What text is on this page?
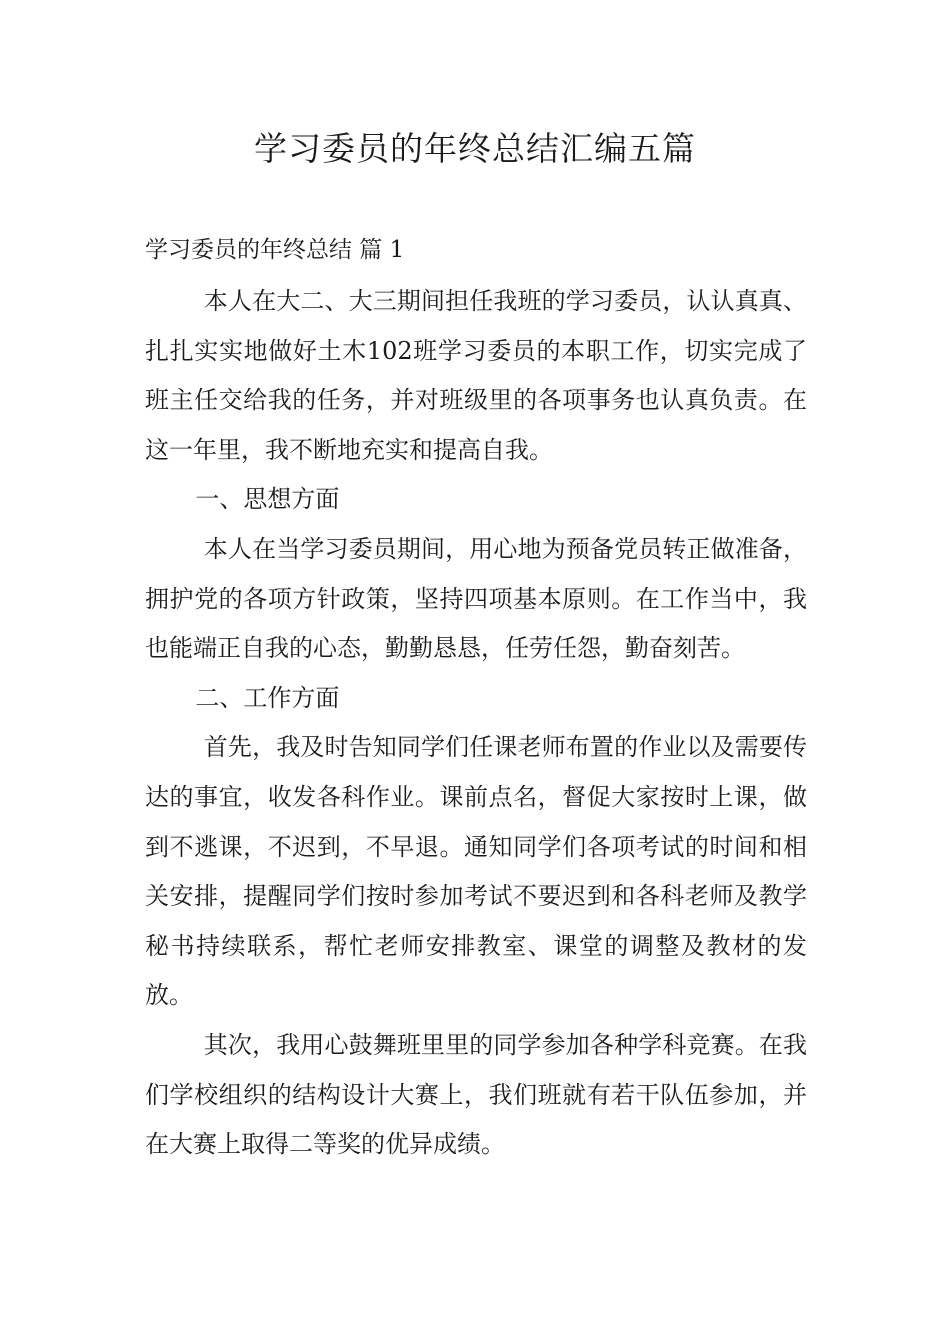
学习委员的年终总结汇编五篇

学习委员的年终总结 篇 1

本人在大二、大三期间担任我班的学习委员，认认真真、扎扎实实地做好土木102班学习委员的本职工作，切实完成了班主任交给我的任务，并对班级里的各项事务也认真负责。在这一年里，我不断地充实和提高自我。

一、思想方面

本人在当学习委员期间，用心地为预备党员转正做准备，拥护党的各项方针政策，坚持四项基本原则。在工作当中，我也能端正自我的心态，勤勤恳恳，任劳任怨，勤奋刻苦。

二、工作方面

首先，我及时告知同学们任课老师布置的作业以及需要传达的事宜，收发各科作业。课前点名，督促大家按时上课，做到不逃课，不迟到，不早退。通知同学们各项考试的时间和相关安排，提醒同学们按时参加考试不要迟到和各科老师及教学秘书持续联系，帮忙老师安排教室、课堂的调整及教材的发放。

其次，我用心鼓舞班里里的同学参加各种学科竞赛。在我们学校组织的结构设计大赛上，我们班就有若干队伍参加，并在大赛上取得二等奖的优异成绩。
